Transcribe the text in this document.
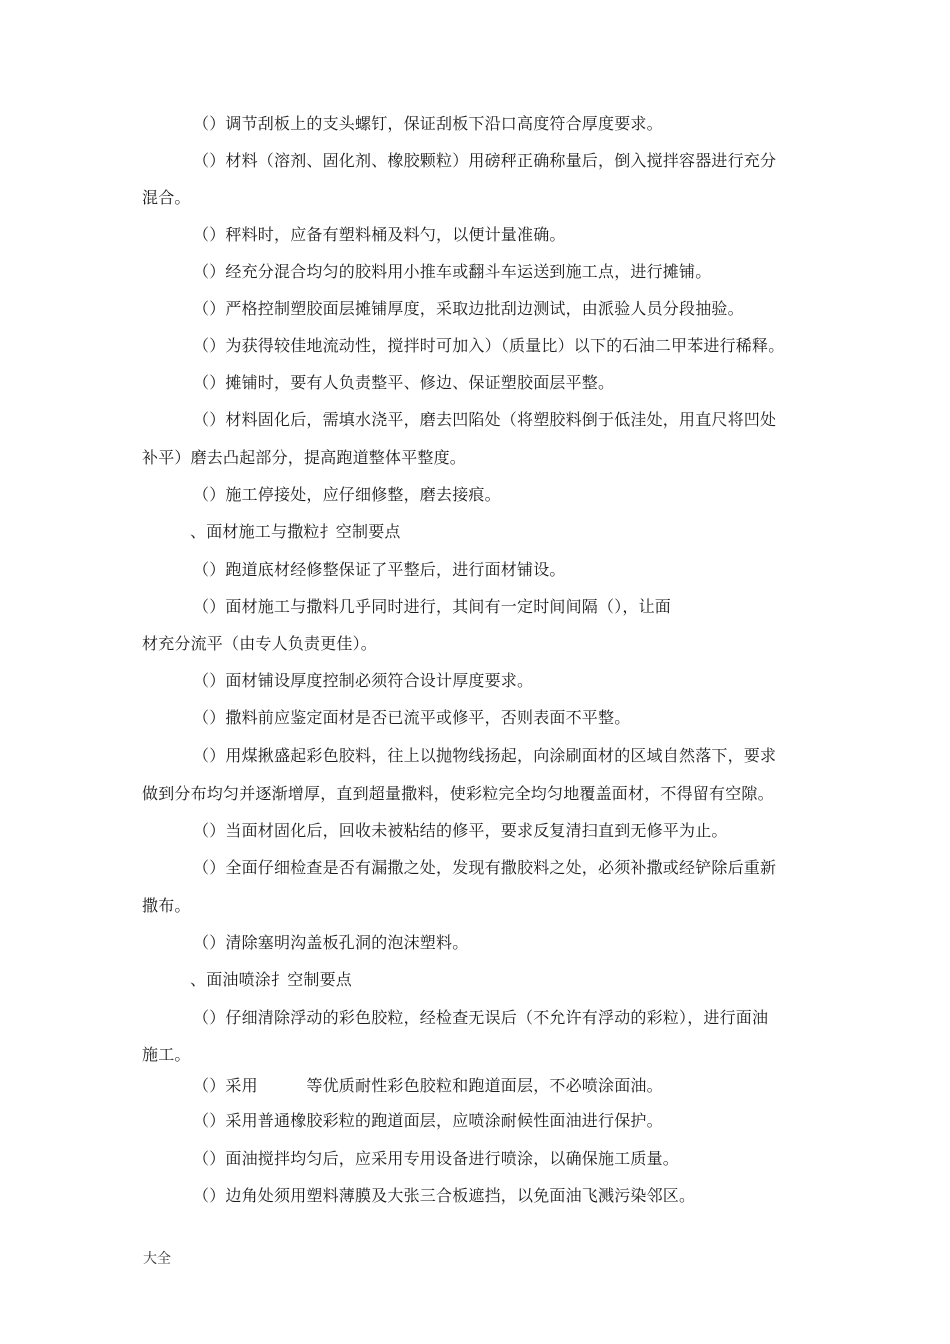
（）调节刮板上的支头螺钉，保证刮板下沿口高度符合厚度要求。
（）材料（溶剂、固化剂、橡胶颗粒）用磅秤正确称量后，倒入搅拌容器进行充分
混合。
（）秤料时，应备有塑料桶及料勺，以便计量准确。
（）经充分混合均匀的胶料用小推车或翻斗车运送到施工点，进行摊铺。
（）严格控制塑胶面层摊铺厚度，采取边批刮边测试，由派验人员分段抽验。
（）为获得较佳地流动性，搅拌时可加入）（质量比）以下的石油二甲苯进行稀释。
（）摊铺时，要有人负责整平、修边、保证塑胶面层平整。
（）材料固化后，需填水浇平，磨去凹陷处（将塑胶料倒于低洼处，用直尺将凹处
补平）磨去凸起部分，提高跑道整体平整度。
（）施工停接处，应仔细修整，磨去接痕。
、面材施工与撒粒扌空制要点
（）跑道底材经修整保证了平整后，进行面材铺设。
（）面材施工与撒料几乎同时进行，其间有一定时间间隔（），让面
材充分流平（由专人负责更佳）。
（）面材铺设厚度控制必须符合设计厚度要求。
（）撒料前应鉴定面材是否已流平或修平，否则表面不平整。
（）用煤揪盛起彩色胶料，往上以抛物线扬起，向涂刷面材的区域自然落下，要求
做到分布均匀并逐渐增厚，直到超量撒料，使彩粒完全均匀地覆盖面材，不得留有空隙。
（）当面材固化后，回收未被粘结的修平，要求反复清扫直到无修平为止。
（）全面仔细检查是否有漏撒之处，发现有撒胶料之处，必须补撒或经铲除后重新
撒布。
（）清除塞明沟盖板孔洞的泡沫塑料。
、面油喷涂扌空制要点
（）仔细清除浮动的彩色胶粒，经检查无误后（不允许有浮动的彩粒），进行面油
施工。
（）采用　　　等优质耐性彩色胶粒和跑道面层，不必喷涂面油。
（）采用普通橡胶彩粒的跑道面层，应喷涂耐候性面油进行保护。
（）面油搅拌均匀后，应采用专用设备进行喷涂，以确保施工质量。
（）边角处须用塑料薄膜及大张三合板遮挡，以免面油飞溅污染邻区。
大全
